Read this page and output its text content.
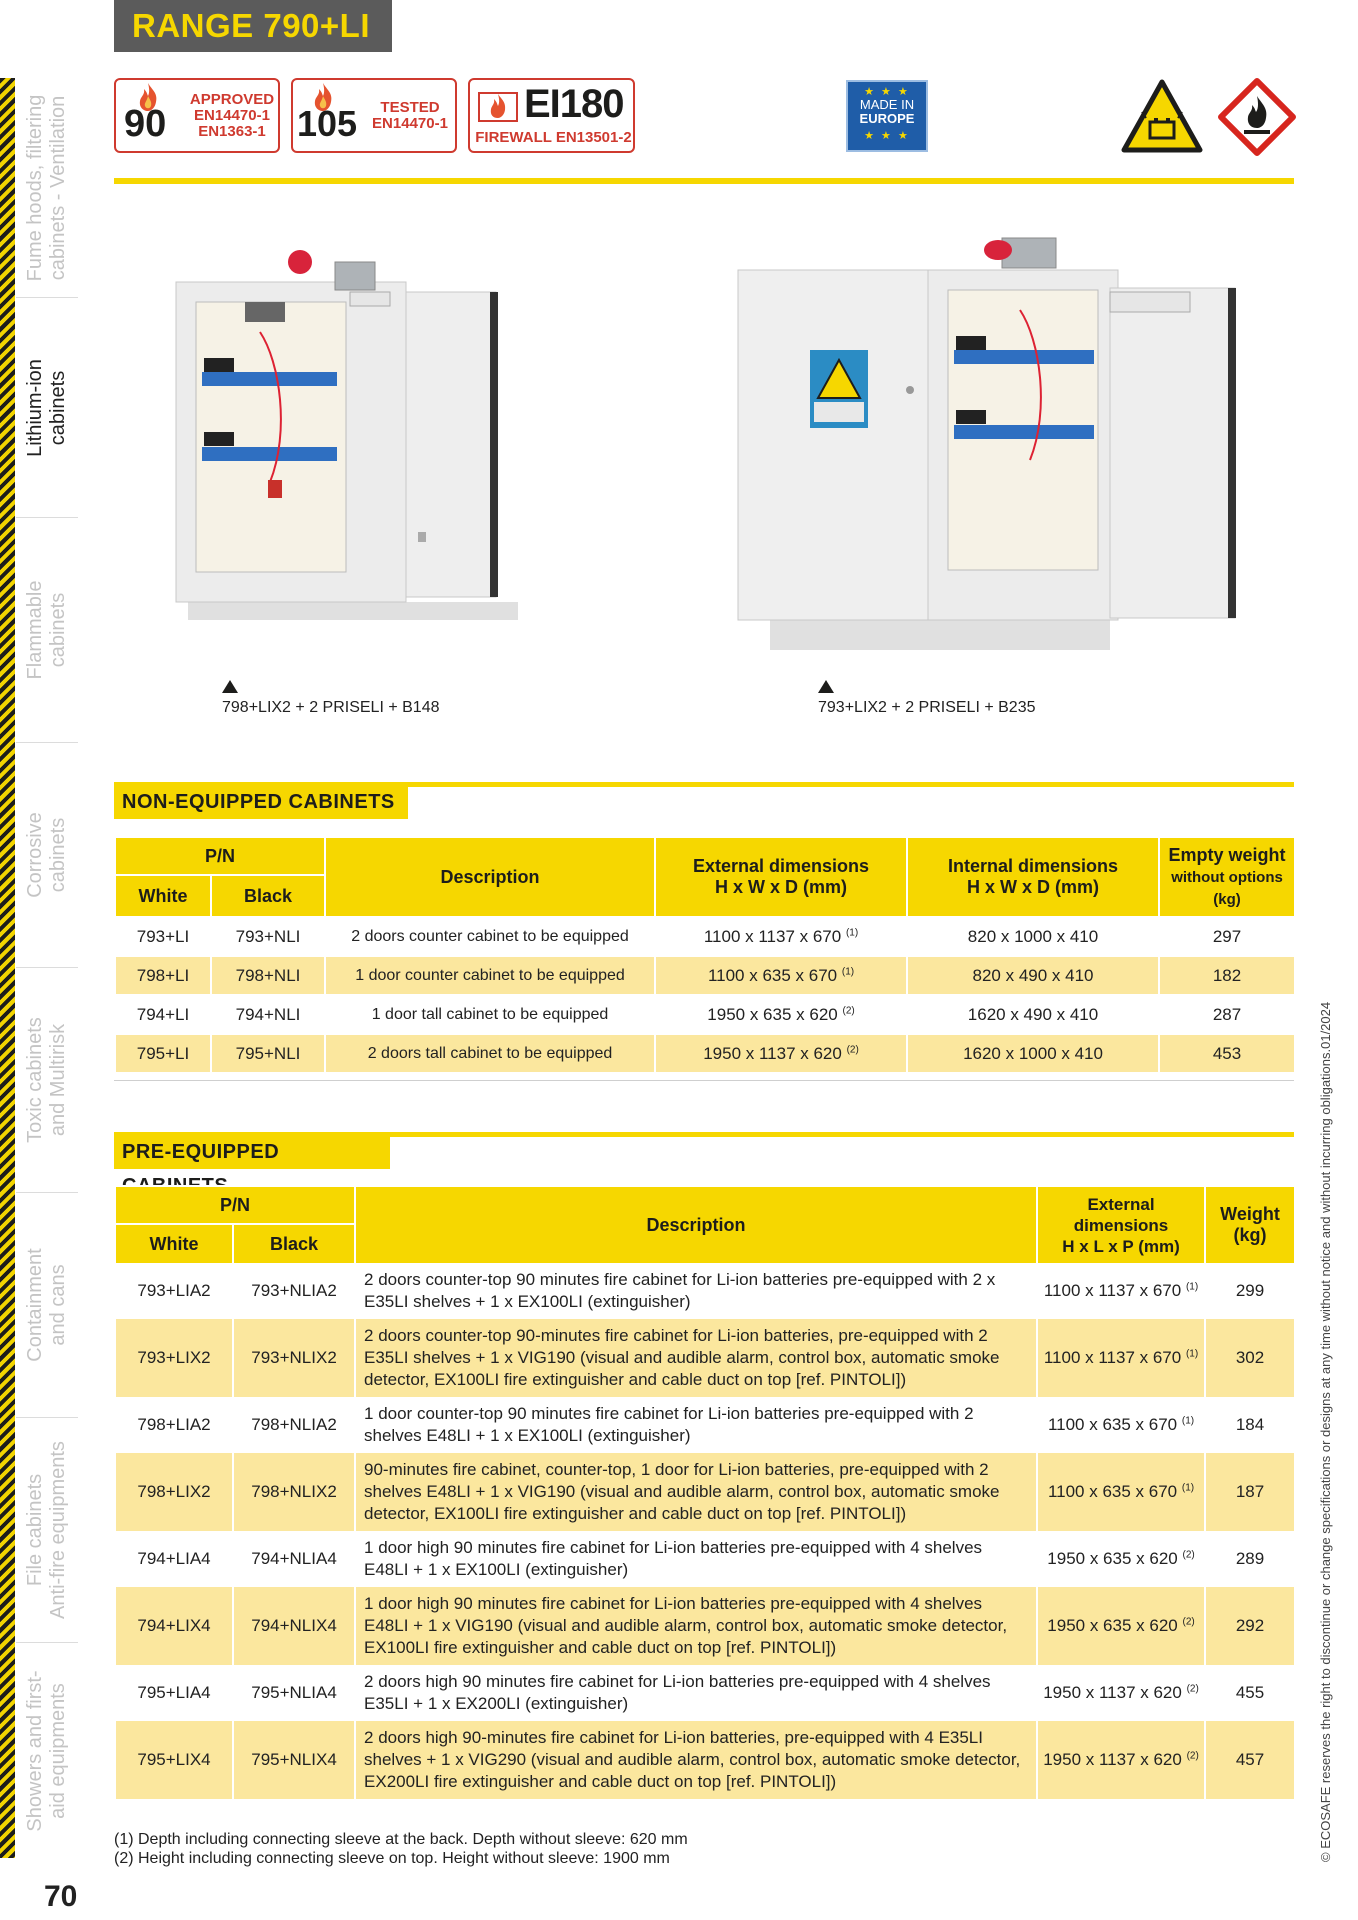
Fume hoods, filtering
cabinets - Ventilation
Lithium-ion
cabinets
Flammable
cabinets
Corrosive
cabinets
Toxic cabinets
and Multirisk
Containment
and cans
File cabinets
Anti-fire equipments
Showers and first-
aid equipments
70
RANGE 790+LI
90
APPROVED
EN14470-1
EN1363-1 105	TESTED
EN14470-1 EI180
FIREWALL EN13501-2
★ ★ ★
MADE IN
EUROPE
★ ★ ★
798+LIX2 + 2 PRISELI + B148	793+LIX2 + 2 PRISELI + B235
NON-EQUIPPED CABINETS
P/N		Description	External dimensions
H x W x D (mm)	Internal dimensions
H x W x D (mm)	Empty weight
without options
(kg)
White	Black				
793+LI	793+NLI	2 doors counter cabinet to be equipped	1100 x 1137 x 670 $^{(1)}$	820 x 1000 x 410	297
798+LI	798+NLI	1 door counter cabinet to be equipped	1100 x 635 x 670 $^{(1)}$	820 x 490 x 410	182
794+LI	794+NLI	1 door tall cabinet to be equipped	1950 x 635 x 620 $^{(2)}$	1620 x 490 x 410	287
795+LI	795+NLI	2 doors tall cabinet to be equipped	1950 x 1137 x 620 $^{(2)}$	1620 x 1000 x 410	453
PRE-EQUIPPED
P/N		Description	External dimensions
H x L x P (mm)	Weight
(kg)
White	Black			
793+LIA2	793+NLIA2	2 doors counter-top 90 minutes fire cabinet for Li-ion batteries pre-equipped with 2 x E35LI shelves + 1 x EX100LI (extinguisher)	1100 x 1137 x 670 $^{(1)}$	299
793+LIX2	793+NLIX2	2 doors counter-top 90-minutes fire cabinet for Li-ion batteries, pre-equipped with 2 E35LI shelves + 1 x VIG190 (visual and audible alarm, control box, automatic smoke detector, EX100LI fire extinguisher and cable duct on top [ref. PINTOLI])	1100 x 1137 x 670 $^{(1)}$	302
798+LIA2	798+NLIA2	1 door counter-top 90 minutes fire cabinet for Li-ion batteries pre-equipped with 2 shelves E48LI + 1 x EX100LI (extinguisher)	1100 x 635 x 670 $^{(1)}$	184
798+LIX2	798+NLIX2	90-minutes fire cabinet, counter-top, 1 door for Li-ion batteries, pre-equipped with 2 shelves E48LI + 1 x VIG190 (visual and audible alarm, control box, automatic smoke detector, EX100LI fire extinguisher and cable duct on top [ref. PINTOLI])	1100 x 635 x 670 $^{(1)}$	187
794+LIA4	794+NLIA4	1 door high 90 minutes fire cabinet for Li-ion batteries pre-equipped with 4 shelves E48LI + 1 x EX100LI (extinguisher)	1950 x 635 x 620 $^{(2)}$	289
794+LIX4	794+NLIX4	1 door high 90 minutes fire cabinet for Li-ion batteries pre-equipped with 4 shelves E48LI + 1 x VIG190 (visual and audible alarm, control box, automatic smoke detector, EX100LI fire extinguisher and cable duct on top [ref. PINTOLI])	1950 x 635 x 620 $^{(2)}$	292
795+LIA4	795+NLIA4	2 doors high 90 minutes fire cabinet for Li-ion batteries pre-equipped with 4 shelves E35LI + 1 x EX200LI (extinguisher)	1950 x 1137 x 620 $^{(2)}$	455
795+LIX4	795+NLIX4	2 doors high 90-minutes fire cabinet for Li-ion batteries, pre-equipped with 4 E35LI shelves + 1 x VIG290 (visual and audible alarm, control box, automatic smoke detector, EX200LI fire extinguisher and cable duct on top [ref. PINTOLI])	1950 x 1137 x 620 $^{(2)}$	457
(1) Depth including connecting sleeve at the back. Depth without sleeve: 620 mm
(2) Height including connecting sleeve on top. Height without sleeve: 1900 mm	© ECOSAFE reserves the right to discontinue or change specifications or designs at any time without notice and without incurring obligations.01/2024
